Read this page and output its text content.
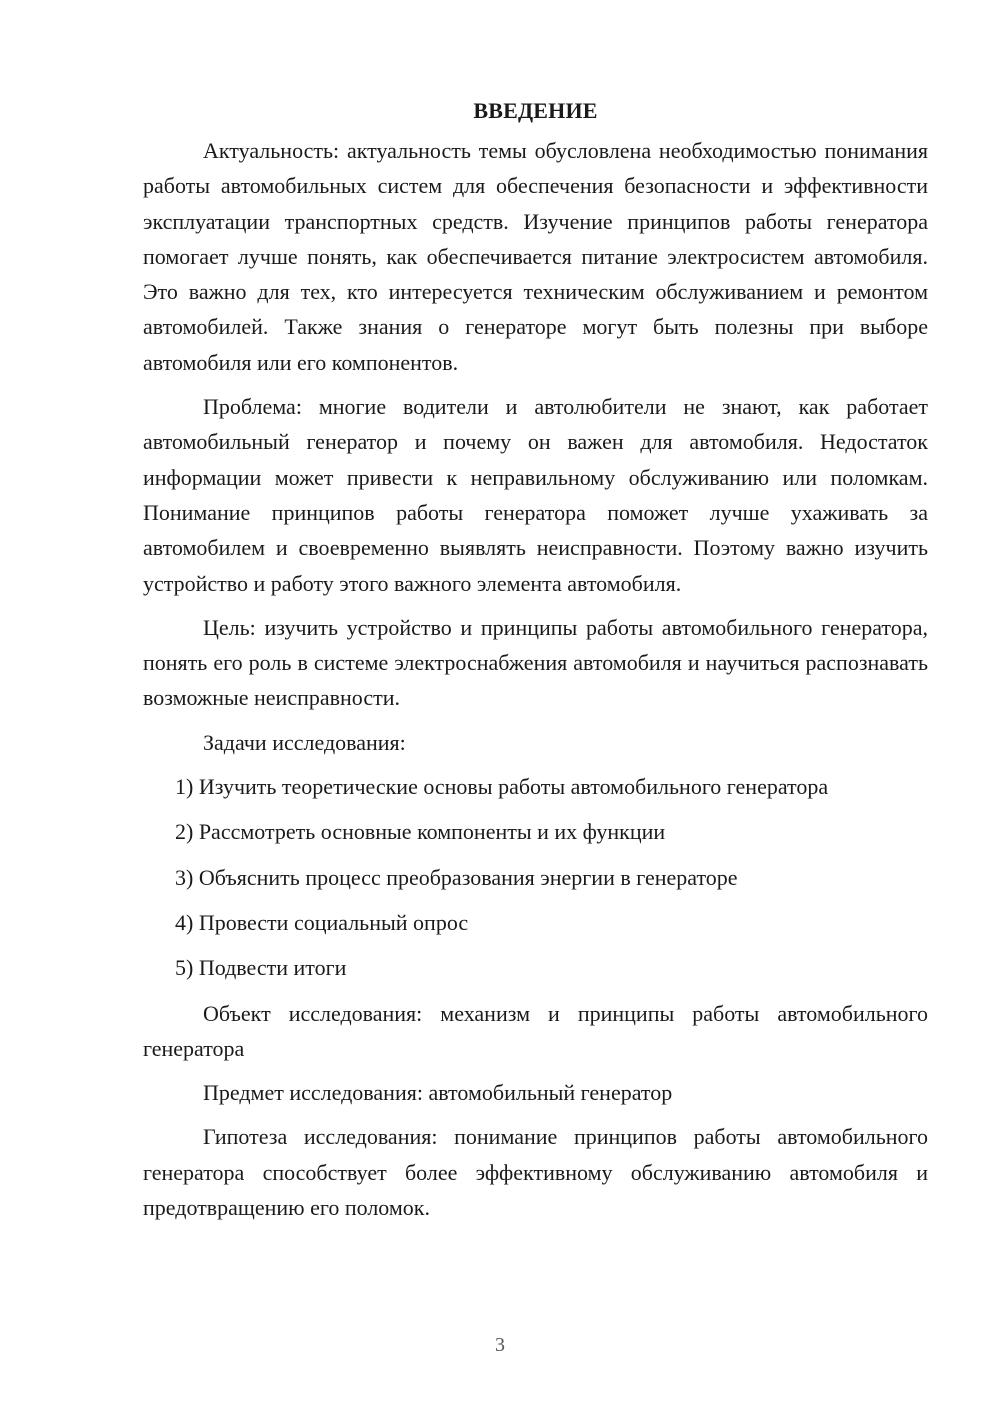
ВВЕДЕНИЕ

Актуальность: актуальность темы обусловлена необходимостью понимания работы автомобильных систем для обеспечения безопасности и эффективности эксплуатации транспортных средств. Изучение принципов работы генератора помогает лучше понять, как обеспечивается питание электросистем автомобиля. Это важно для тех, кто интересуется техническим обслуживанием и ремонтом автомобилей. Также знания о генераторе могут быть полезны при выборе автомобиля или его компонентов.

Проблема: многие водители и автолюбители не знают, как работает автомобильный генератор и почему он важен для автомобиля. Недостаток информации может привести к неправильному обслуживанию или поломкам. Понимание принципов работы генератора поможет лучше ухаживать за автомобилем и своевременно выявлять неисправности. Поэтому важно изучить устройство и работу этого важного элемента автомобиля.

Цель: изучить устройство и принципы работы автомобильного генератора, понять его роль в системе электроснабжения автомобиля и научиться распознавать возможные неисправности.

Задачи исследования:

1) Изучить теоретические основы работы автомобильного генератора
2) Рассмотреть основные компоненты и их функции
3) Объяснить процесс преобразования энергии в генераторе
4) Провести социальный опрос
5) Подвести итоги

Объект исследования: механизм и принципы работы автомобильного генератора

Предмет исследования: автомобильный генератор

Гипотеза исследования: понимание принципов работы автомобильного генератора способствует более эффективному обслуживанию автомобиля и предотвращению его поломок.

3
